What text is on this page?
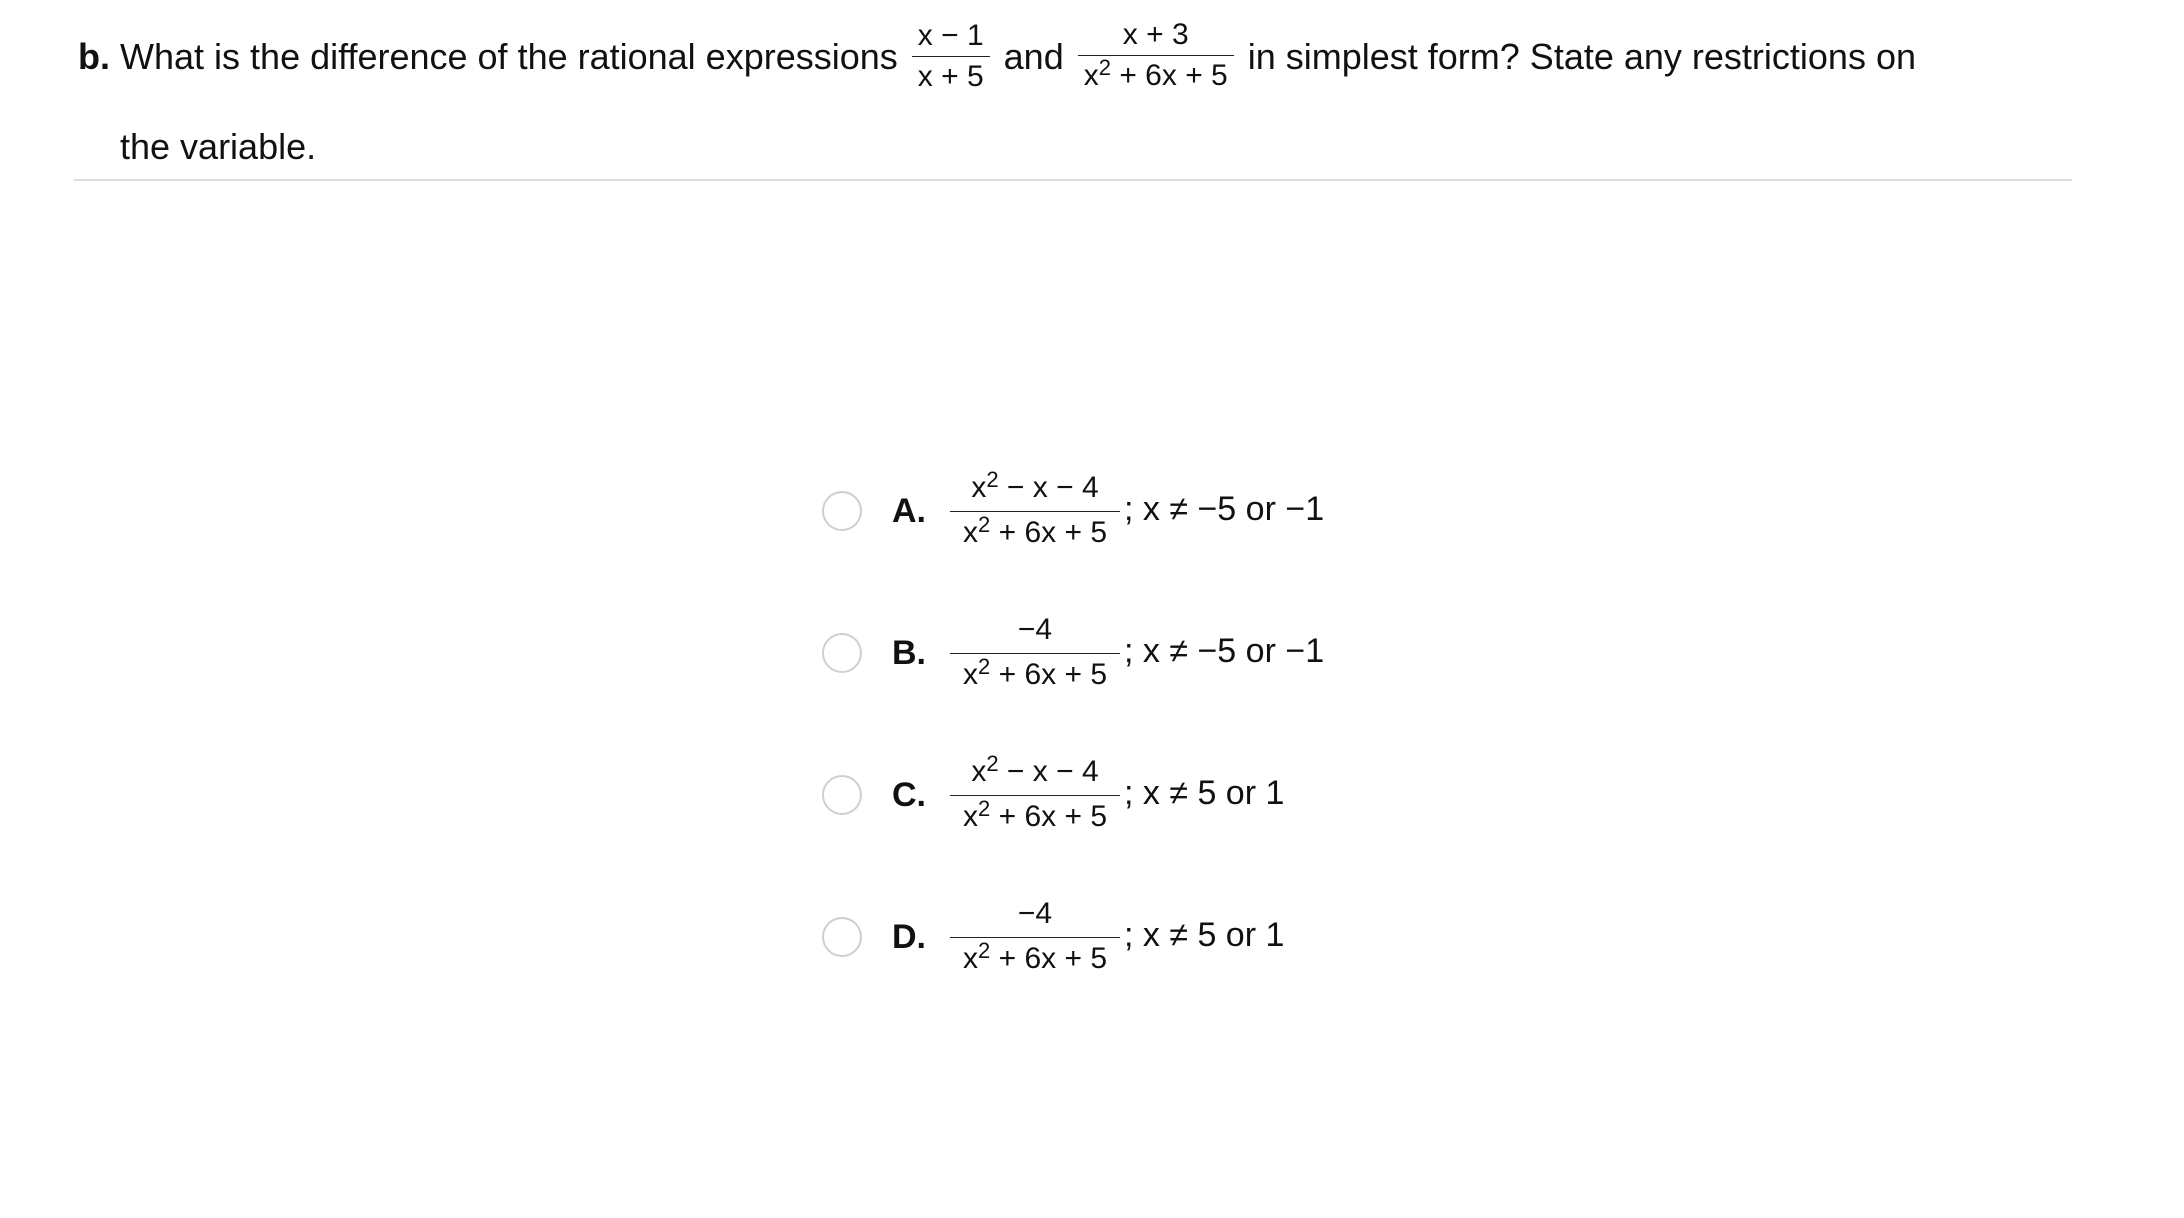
b. What is the difference of the rational expressions $\frac{x - 1}{x + 5}$ and $\frac{x + 3}{x^2 + 6x + 5}$ in simplest form? State any restrictions on
the variable.
A. $\frac{x^2 - x - 4}{x^2 + 6x + 5}$ ; x ≠ −5 or −1
B. $\frac{-4}{x^2 + 6x + 5}$ ; x ≠ −5 or −1
C. $\frac{x^2 - x - 4}{x^2 + 6x + 5}$ ; x ≠ 5 or 1
D. $\frac{-4}{x^2 + 6x + 5}$ ; x ≠ 5 or 1
